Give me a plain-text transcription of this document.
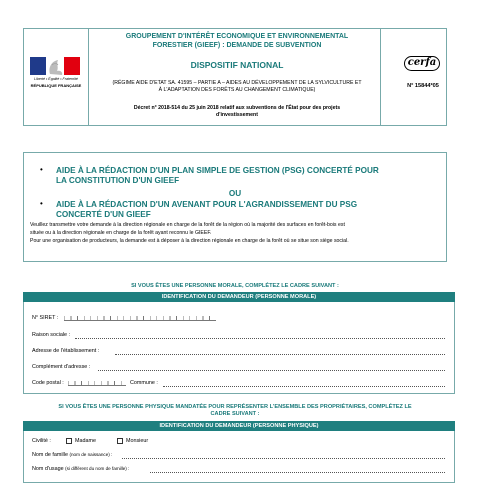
Liberté • Égalité • Fraternité
RÉPUBLIQUE FRANÇAISE
GROUPEMENT D'INTÉRÊT ECONOMIQUE ET ENVIRONNEMENTAL
FORESTIER (GIEEF) : DEMANDE DE SUBVENTION
DISPOSITIF NATIONAL
(RÉGIME AIDE D'ETAT SA. 41595 – PARTIE A – AIDES AU DÉVELOPPEMENT DE LA SYLVICULTURE ET
À L'ADAPTATION DES FORÊTS AU CHANGEMENT CLIMATIQUE)
Décret n° 2018-514 du 25 juin 2018 relatif aux subventions de l'État pour des projets
d'investissement
cerfa
N° 15844*05
• AIDE À LA RÉDACTION D'UN PLAN SIMPLE DE GESTION (PSG) CONCERTÉ POUR
LA CONSTITUTION D'UN GIEEF
OU
• AIDE À LA RÉDACTION D'UN AVENANT POUR L'AGRANDISSEMENT DU PSG
CONCERTÉ D'UN GIEEF
Veuillez transmettre votre demande à la direction régionale en charge de la forêt de la région où la majorité des surfaces en forêt-bois est
située ou à la direction régionale en charge de la forêt ayant reconnu le GIEEF.
Pour une organisation de producteurs, la demande est à déposer à la direction régionale en charge de la forêt où se situe son siège social.
SI VOUS ÊTES UNE PERSONNE MORALE, COMPLÉTEZ LE CADRE SUIVANT :
IDENTIFICATION DU DEMANDEUR (PERSONNE MORALE)
N° SIRET :
Raison sociale :
Adresse de l'établissement :
Complément d'adresse :
Code postal :	Commune :
SI VOUS ÊTES UNE PERSONNE PHYSIQUE MANDATÉE POUR REPRÉSENTER L'ENSEMBLE DES PROPRIÉTAIRES, COMPLÉTEZ LE
CADRE SUIVANT :
IDENTIFICATION DU DEMANDEUR (PERSONNE PHYSIQUE)
Civilité :	Madame	Monsieur
Nom de famille (nom de naissance) :
Nom d'usage (si différent du nom de famille) :
